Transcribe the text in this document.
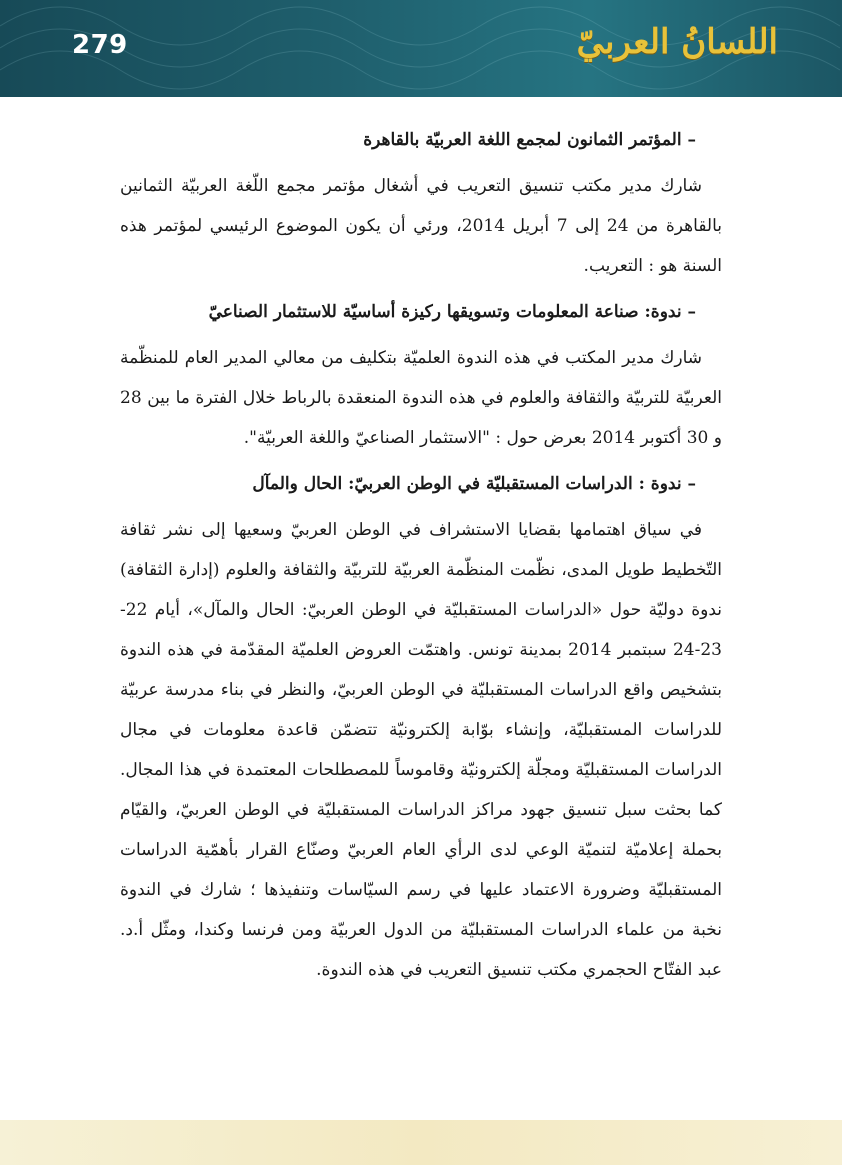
279	اللسانُ العربيّ

– المؤتمر الثمانون لمجمع اللغة العربيّة بالقاهرة

شارك مدير مكتب تنسيق التعريب في أشغال مؤتمر مجمع اللّغة العربيّة الثمانين بالقاهرة من 24 إلى 7 أبريل 2014، ورئي أن يكون الموضوع الرئيسي لمؤتمر هذه السنة هو : التعريب.

– ندوة: صناعة المعلومات وتسويقها ركيزة أساسيّة للاستثمار الصناعيّ

شارك مدير المكتب في هذه الندوة العلميّة بتكليف من معالي المدير العام للمنظّمة العربيّة للتربيّة والثقافة والعلوم في هذه الندوة المنعقدة بالرباط خلال الفترة ما بين 28 و 30 أكتوبر 2014 بعرض حول : "الاستثمار الصناعيّ واللغة العربيّة".

– ندوة : الدراسات المستقبليّة في الوطن العربيّ: الحال والمآل

في سياق اهتمامها بقضايا الاستشراف في الوطن العربيّ وسعيها إلى نشر ثقافة التّخطيط طويل المدى، نظّمت المنظّمة العربيّة للتربيّة والثقافة والعلوم (إدارة الثقافة) ندوة دوليّة حول «الدراسات المستقبليّة في الوطن العربيّ: الحال والمآل»، أيام 22-23-24 سبتمبر 2014 بمدينة تونس. واهتمّت العروض العلميّة المقدّمة في هذه الندوة بتشخيص واقع الدراسات المستقبليّة في الوطن العربيّ، والنظر في بناء مدرسة عربيّة للدراسات المستقبليّة، وإنشاء بوّابة إلكترونيّة تتضمّن قاعدة معلومات في مجال الدراسات المستقبليّة ومجلّة إلكترونيّة وقاموساً للمصطلحات المعتمدة في هذا المجال. كما بحثت سبل تنسيق جهود مراكز الدراسات المستقبليّة في الوطن العربيّ، والقيّام بحملة إعلاميّة لتنميّة الوعي لدى الرأي العام العربيّ وصنّاع القرار بأهمّية الدراسات المستقبليّة وضرورة الاعتماد عليها في رسم السيّاسات وتنفيذها ؛ شارك في الندوة نخبة من علماء الدراسات المستقبليّة من الدول العربيّة ومن فرنسا وكندا، ومثّل أ.د. عبد الفتّاح الحجمري مكتب تنسيق التعريب في هذه الندوة.
